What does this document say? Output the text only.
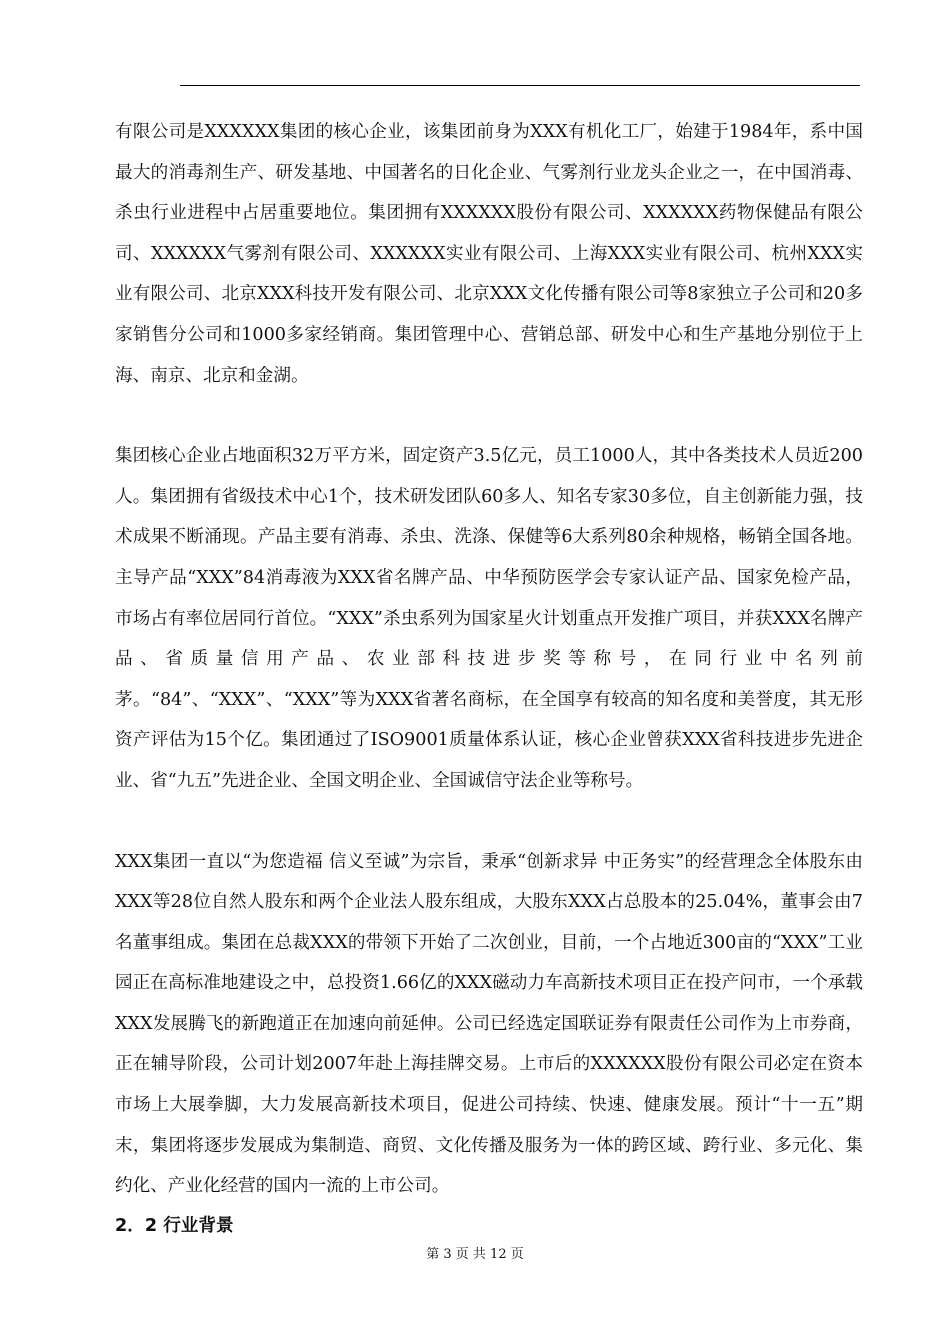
有限公司是XXXXXX集团的核心企业，该集团前身为XXX有机化工厂，始建于1984年，系中国最大的消毒剂生产、研发基地、中国著名的日化企业、气雾剂行业龙头企业之一，在中国消毒、杀虫行业进程中占居重要地位。集团拥有XXXXXX股份有限公司、XXXXXX药物保健品有限公司、XXXXXX气雾剂有限公司、XXXXXX实业有限公司、上海XXX实业有限公司、杭州XXX实业有限公司、北京XXX科技开发有限公司、北京XXX文化传播有限公司等8家独立子公司和20多家销售分公司和1000多家经销商。集团管理中心、营销总部、研发中心和生产基地分别位于上海、南京、北京和金湖。

集团核心企业占地面积32万平方米，固定资产3.5亿元，员工1000人，其中各类技术人员近200人。集团拥有省级技术中心1个，技术研发团队60多人、知名专家30多位，自主创新能力强，技术成果不断涌现。产品主要有消毒、杀虫、洗涤、保健等6大系列80余种规格，畅销全国各地。主导产品“XXX”84消毒液为XXX省名牌产品、中华预防医学会专家认证产品、国家免检产品，市场占有率位居同行首位。“XXX”杀虫系列为国家星火计划重点开发推广项目，并获XXX名牌产品、省质量信用产品、农业部科技进步奖等称号，在同行业中名列前茅。“84”、“XXX”、“XXX”等为XXX省著名商标，在全国享有较高的知名度和美誉度，其无形资产评估为15个亿。集团通过了ISO9001质量体系认证，核心企业曾获XXX省科技进步先进企业、省“九五”先进企业、全国文明企业、全国诚信守法企业等称号。

XXX集团一直以“为您造福 信义至诚”为宗旨，秉承“创新求异 中正务实”的经营理念全体股东由XXX等28位自然人股东和两个企业法人股东组成，大股东XXX占总股本的25.04%，董事会由7名董事组成。集团在总裁XXX的带领下开始了二次创业，目前，一个占地近300亩的“XXX”工业园正在高标准地建设之中，总投资1.66亿的XXX磁动力车高新技术项目正在投产问市，一个承载XXX发展腾飞的新跑道正在加速向前延伸。公司已经选定国联证券有限责任公司作为上市券商，正在辅导阶段，公司计划2007年赴上海挂牌交易。上市后的XXXXXX股份有限公司必定在资本市场上大展拳脚，大力发展高新技术项目，促进公司持续、快速、健康发展。预计“十一五”期末，集团将逐步发展成为集制造、商贸、文化传播及服务为一体的跨区域、跨行业、多元化、集约化、产业化经营的国内一流的上市公司。

2．2 行业背景
第 3 页 共 12 页
